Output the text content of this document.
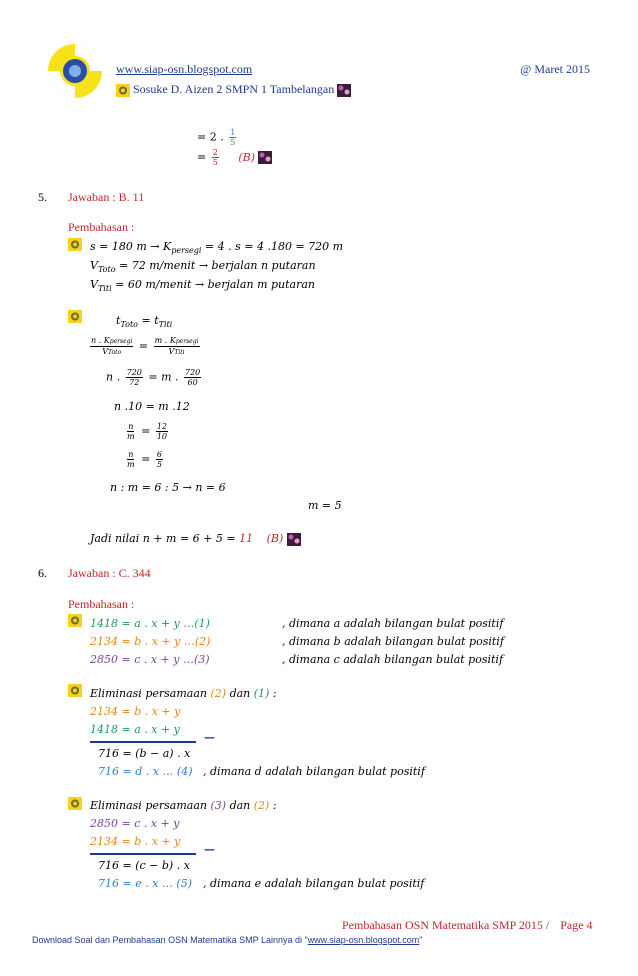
www.siap-osn.blogspot.com	@ Maret 2015
Sosuke D. Aizen 2 SMPN 1 Tambelangan
= 2 . $\frac{1}{5}$
= $\frac{2}{5} (B)$
5. Jawaban : B. 11
Pembahasan :
s = 180 $m \to K_{persegi} = 4$ . s = 4 .180 = 720 m
$V_{Toto} = 72$ m/menit → berjalan n putaran
$V_{Titi} = 60$ m/menit → berjalan m putaran
$t_{Toto} = t_{Titi}$
$\frac{\text{n . Kpersegi}}{\text{VToto}} = \frac{\text{m . Kpersegi}}{\text{VTiti}}$
n . $\frac{720}{72} = m$ . $\frac{720}{60}$
n .10 = m .12
$\frac{n}{m} = \frac{12}{10}$
$\frac{n}{m} = \frac{6}{5}$
n : m = 6 : 5 → n = 6
m = 5
Jadi nilai n + m = 6 + 5 = 11 (B)
6. Jawaban : C. 344
Pembahasan :
1418 = a . x + y …(1)	, dimana a adalah bilangan bulat positif
2134 = b . x + y …(2)	, dimana b adalah bilangan bulat positif
2850 = c . x + y …(3)	, dimana c adalah bilangan bulat positif
Eliminasi persamaan (2) dan (1) :
2134 = b . x + y
1418 = a . x + y
—
716 = (b − a) . x
716 = d . x … (4) , dimana d adalah bilangan bulat positif
Eliminasi persamaan (3) dan (2) :
2850 = c . x + y
2134 = b . x + y
—
716 = (c − b) . x
716 = e . x … (5) , dimana e adalah bilangan bulat positif
Pembahasan OSN Matematika SMP 2015 / Page 4
Download Soal dan Pembahasan OSN Matematika SMP Lainnya di "www.siap-osn.blogspot.com"
